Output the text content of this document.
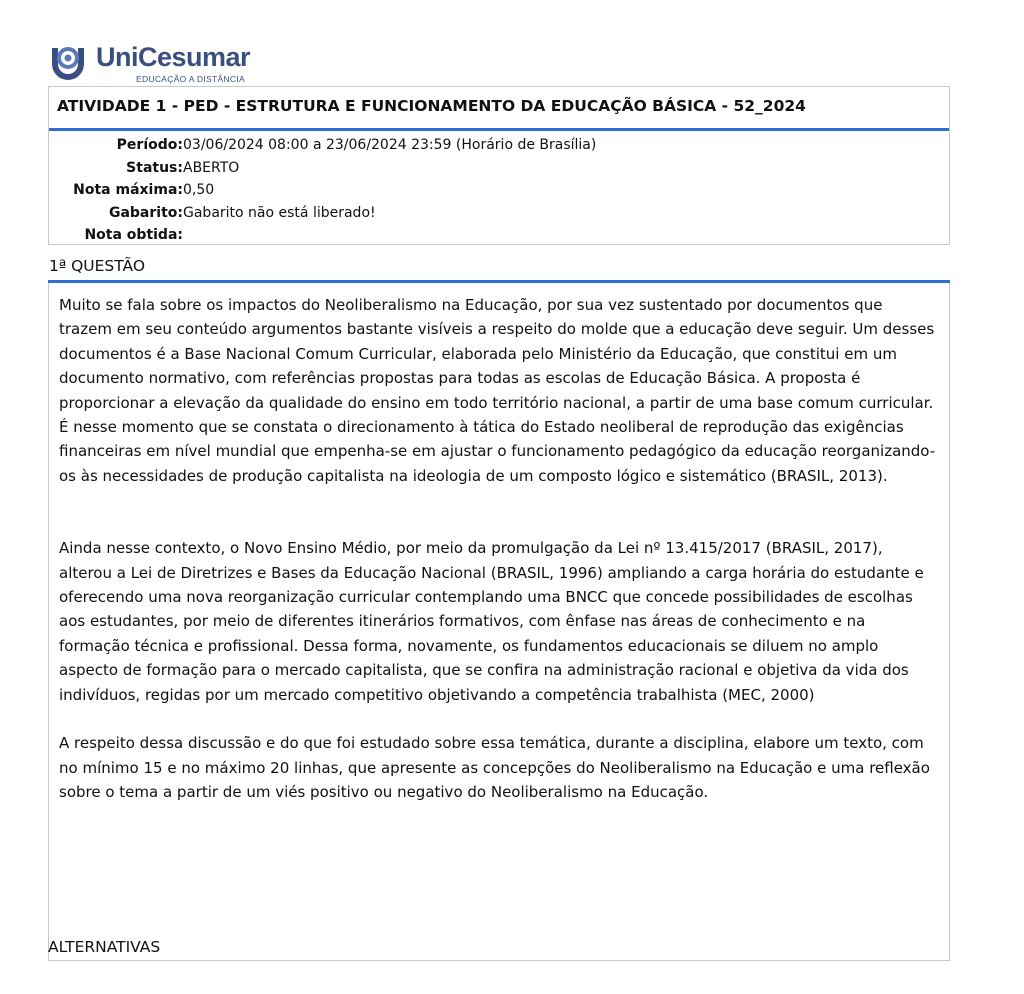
UniCesumar
EDUCAÇÃO A DISTÂNCIA
ATIVIDADE 1 - PED - ESTRUTURA E FUNCIONAMENTO DA EDUCAÇÃO BÁSICA - 52_2024
Período: 03/06/2024 08:00 a 23/06/2024 23:59 (Horário de Brasília)
Status: ABERTO
Nota máxima: 0,50
Gabarito: Gabarito não está liberado!
Nota obtida:
1ª QUESTÃO

Muito se fala sobre os impactos do Neoliberalismo na Educação, por sua vez sustentado por documentos que trazem em seu conteúdo argumentos bastante visíveis a respeito do molde que a educação deve seguir. Um desses documentos é a Base Nacional Comum Curricular, elaborada pelo Ministério da Educação, que constitui em um documento normativo, com referências propostas para todas as escolas de Educação Básica. A proposta é proporcionar a elevação da qualidade do ensino em todo território nacional, a partir de uma base comum curricular. É nesse momento que se constata o direcionamento à tática do Estado neoliberal de reprodução das exigências financeiras em nível mundial que empenha-se em ajustar o funcionamento pedagógico da educação reorganizando-os às necessidades de produção capitalista na ideologia de um composto lógico e sistemático (BRASIL, 2013).

Ainda nesse contexto, o Novo Ensino Médio, por meio da promulgação da Lei nº 13.415/2017 (BRASIL, 2017), alterou a Lei de Diretrizes e Bases da Educação Nacional (BRASIL, 1996) ampliando a carga horária do estudante e oferecendo uma nova reorganização curricular contemplando uma BNCC que concede possibilidades de escolhas aos estudantes, por meio de diferentes itinerários formativos, com ênfase nas áreas de conhecimento e na formação técnica e profissional. Dessa forma, novamente, os fundamentos educacionais se diluem no amplo aspecto de formação para o mercado capitalista, que se confira na administração racional e objetiva da vida dos indivíduos, regidas por um mercado competitivo objetivando a competência trabalhista (MEC, 2000)

A respeito dessa discussão e do que foi estudado sobre essa temática, durante a disciplina, elabore um texto, com no mínimo 15 e no máximo 20 linhas, que apresente as concepções do Neoliberalismo na Educação e uma reflexão sobre o tema a partir de um viés positivo ou negativo do Neoliberalismo na Educação.

ALTERNATIVAS
